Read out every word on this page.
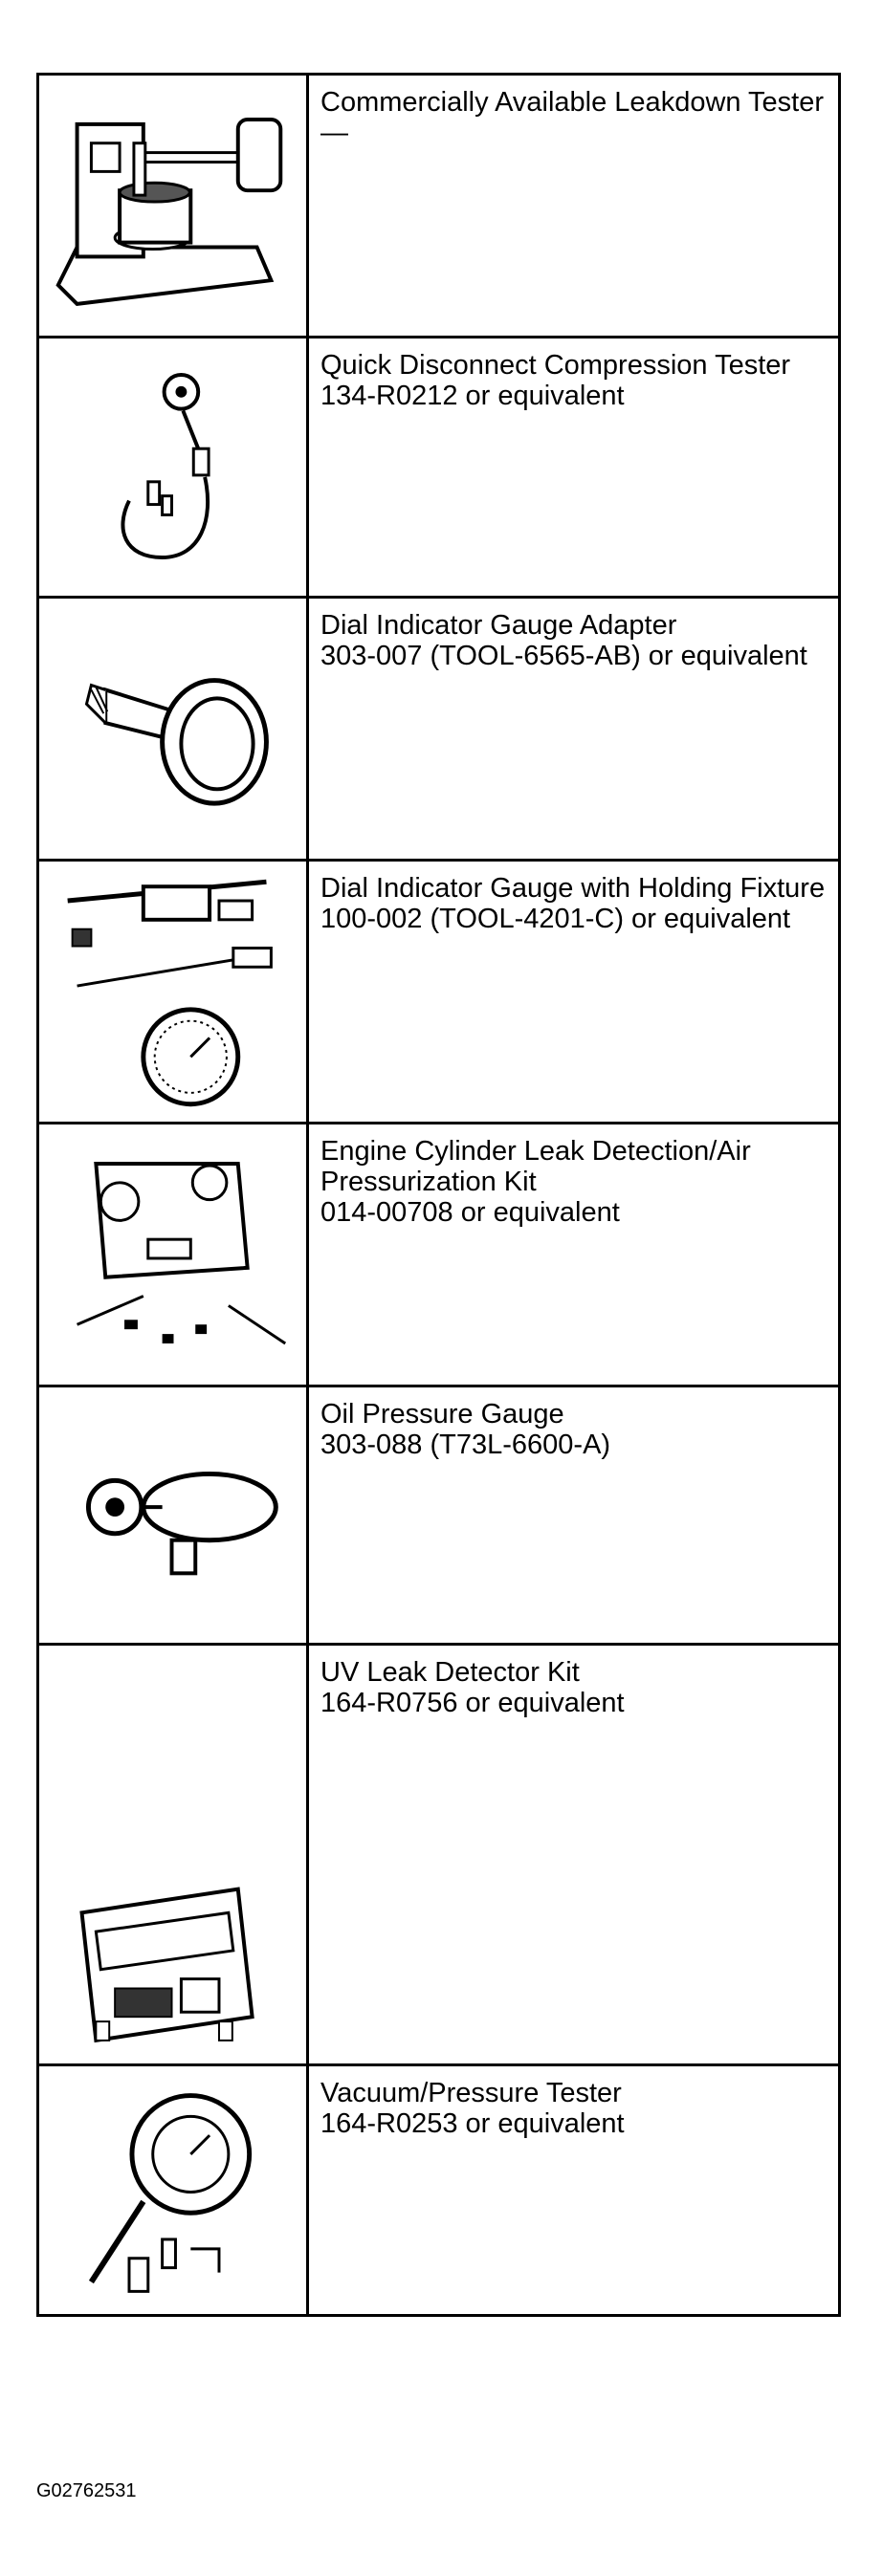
Commercially Available Leakdown Tester
—
Quick Disconnect Compression Tester
134-R0212 or equivalent
Dial Indicator Gauge Adapter
303-007 (TOOL-6565-AB) or equivalent
Dial Indicator Gauge with Holding Fixture
100-002 (TOOL-4201-C) or equivalent
Engine Cylinder Leak Detection/Air Pressurization Kit
014-00708 or equivalent
Oil Pressure Gauge
303-088 (T73L-6600-A)
UV Leak Detector Kit
164-R0756 or equivalent
Vacuum/Pressure Tester
164-R0253 or equivalent
G02762531
